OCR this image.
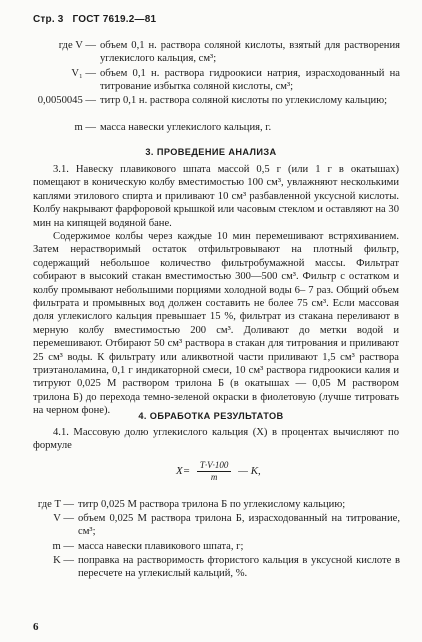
Стр. 3 ГОСТ 7619.2—81
где V — объем 0,1 н. раствора соляной кислоты, взятый для растворения углекислого кальция, см³;
V₁ — объем 0,1 н. раствора гидроокиси натрия, израсходованный на титрование избытка соляной кислоты, см³;
0,0050045 — титр 0,1 н. раствора соляной кислоты по углекислому кальцию;
m — масса навески углекислого кальция, г.
3. ПРОВЕДЕНИЕ АНАЛИЗА
3.1. Навеску плавикового шпата массой 0,5 г (или 1 г в окатышах) помещают в коническую колбу вместимостью 100 см³, увлажняют несколькими каплями этилового спирта и приливают 10 см³ разбавленной уксусной кислоты. Колбу накрывают фарфоровой крышкой или часовым стеклом и оставляют на 30 мин на кипящей водяной бане.
Содержимое колбы через каждые 10 мин перемешивают встряхиванием. Затем нерастворимый остаток отфильтровывают на плотный фильтр, содержащий небольшое количество фильтробумажной массы. Фильтрат собирают в высокий стакан вместимостью 300—500 см³. Фильтр с остатком и колбу промывают небольшими порциями холодной воды 6– 7 раз. Общий объем фильтрата и промывных вод должен составить не более 75 см³. Если массовая доля углекислого кальция превышает 15 %, фильтрат из стакана переливают в мерную колбу вместимостью 200 см³. Доливают до метки водой и перемешивают. Отбирают 50 см³ раствора в стакан для титрования и приливают 25 см³ воды. К фильтрату или аликвотной части приливают 1,5 см³ раствора триэтаноламина, 0,1 г индикаторной смеси, 10 см³ раствора гидроокиси калия и титруют 0,025 М раствором трилона Б (в окатышах — 0,05 М раствором трилона Б) до перехода темно-зеленой окраски в фиолетовую (лучше титровать на черном фоне).	4. ОБРАБОТКА РЕЗУЛЬТАТОВ
4.1. Массовую долю углекислого кальция (X) в процентах вычисляют по формуле
$X= \frac{T\cdot V\cdot 100}{m}$ — K,
где T — титр 0,025 М раствора трилона Б по углекислому кальцию;
V — объем 0,025 М раствора трилона Б, израсходованный на титрование, см³;
m — масса навески плавикового шпата, г;
K — поправка на растворимость фтористого кальция в уксусной кислоте в пересчете на углекислый кальций, %.
6
